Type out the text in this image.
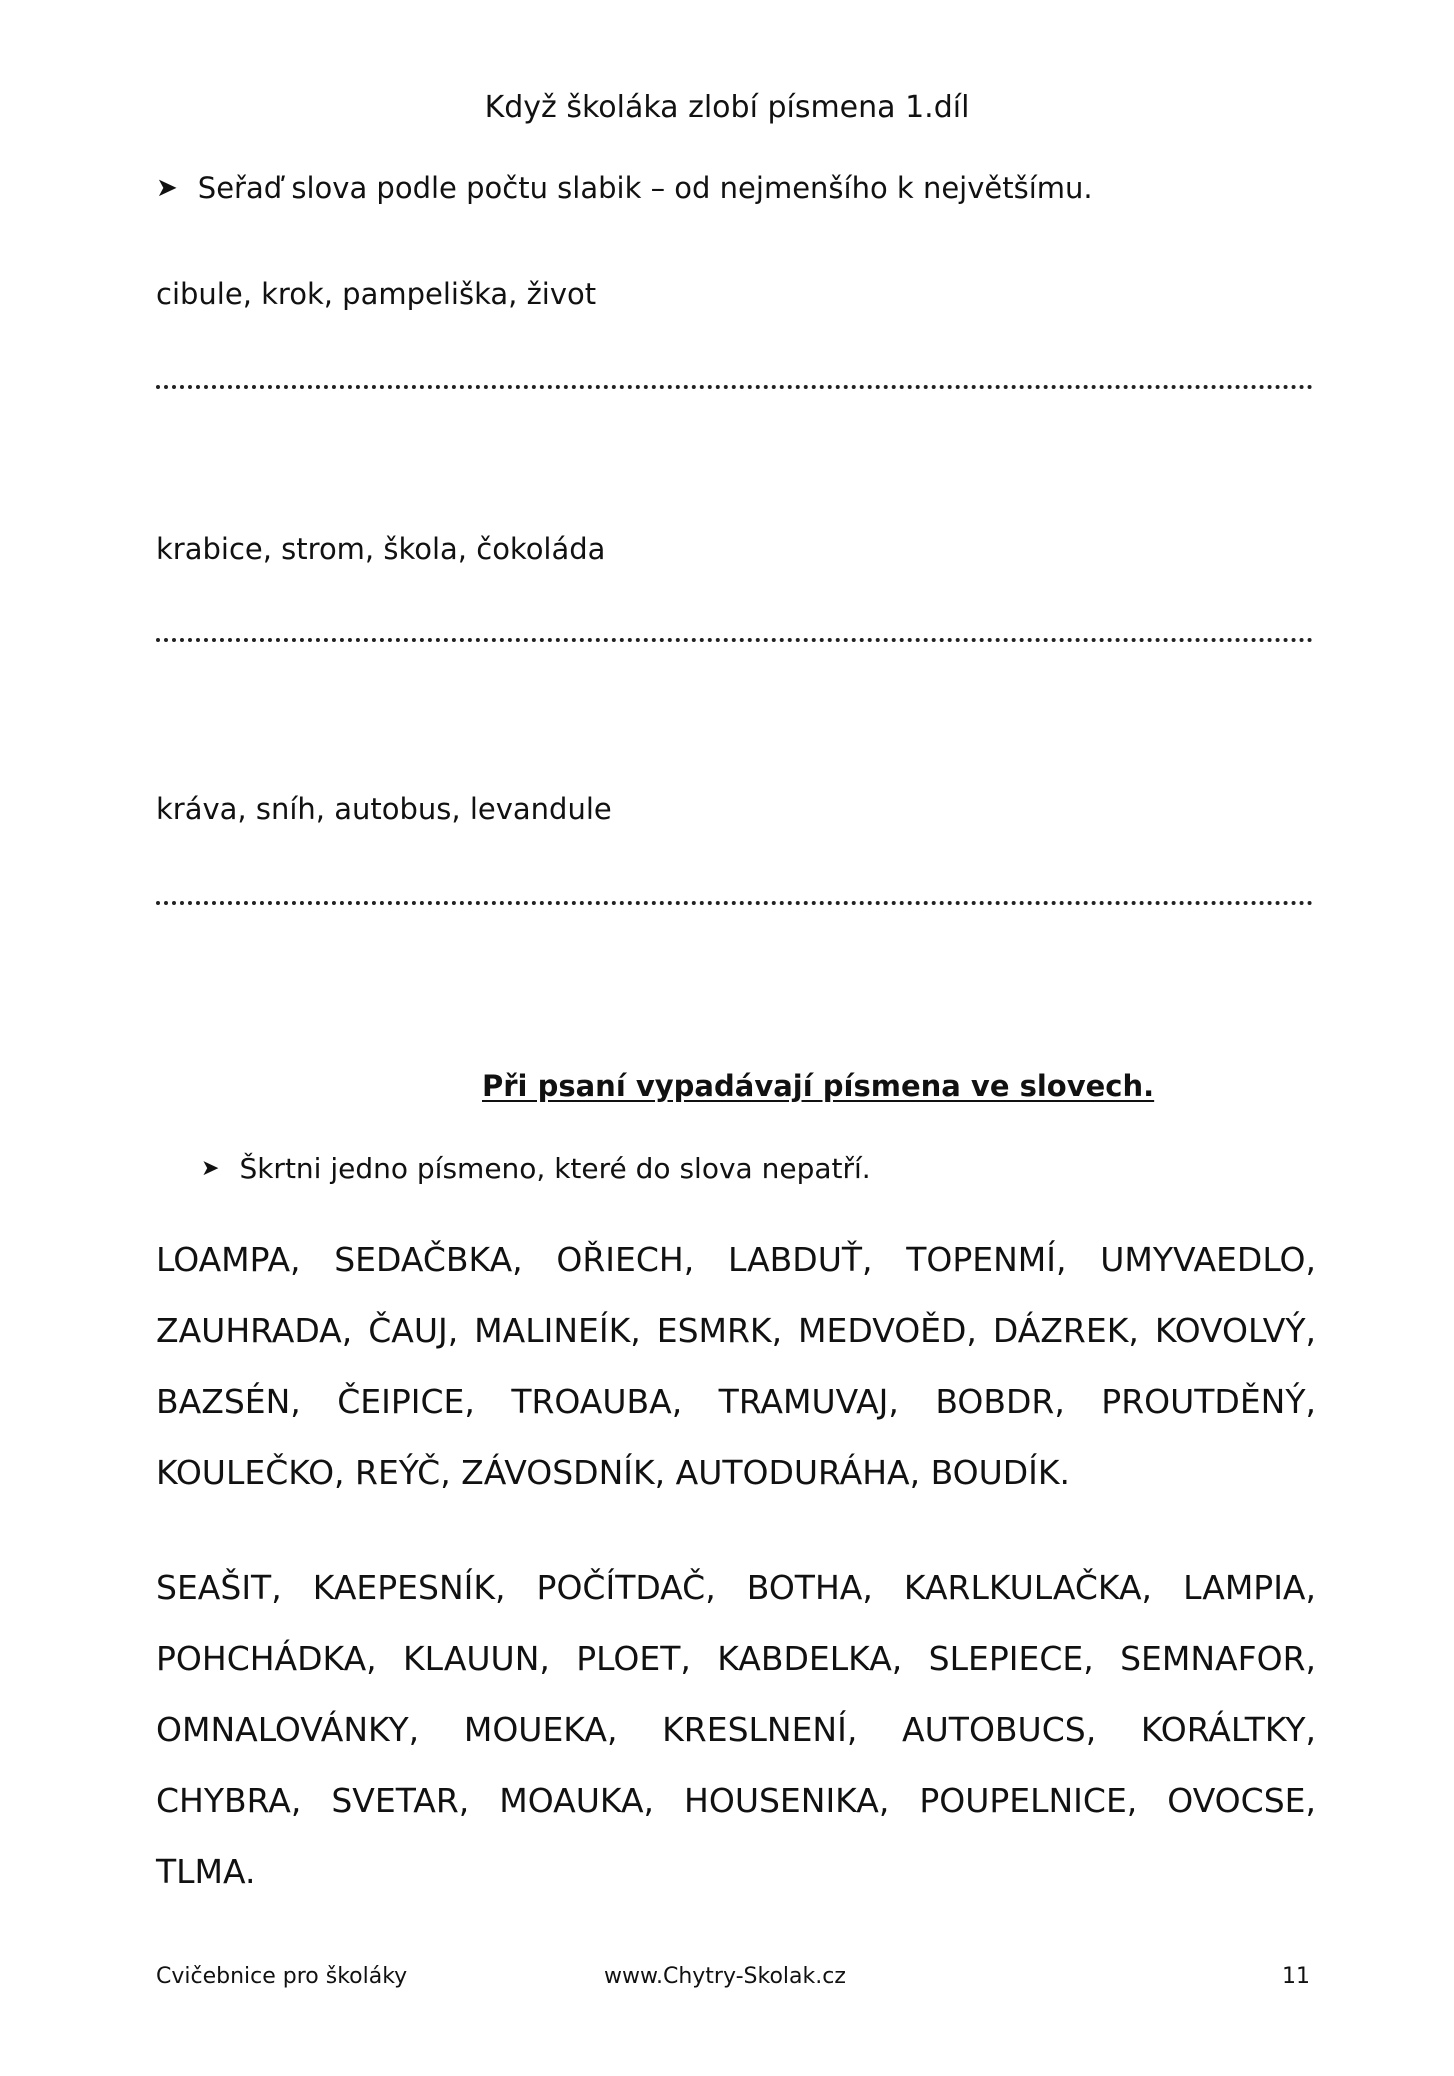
Když školáka zlobí písmena 1.díl
➤ Seřaď slova podle počtu slabik – od nejmenšího k největšímu.
cibule, krok, pampeliška, život
krabice, strom, škola, čokoláda
kráva, sníh, autobus, levandule
Při psaní vypadávají písmena ve slovech.
➤ Škrtni jedno písmeno, které do slova nepatří.

LOAMPA, SEDAČBKA, OŘIECH, LABDUŤ, TOPENMÍ, UMYVAEDLO, ZAUHRADA, ČAUJ, MALINEÍK, ESMRK, MEDVOĚD, DÁZREK, KOVOLVÝ, BAZSÉN, ČEIPICE, TROAUBA, TRAMUVAJ, BOBDR, PROUTDĚNÝ, KOULEČKO, REÝČ, ZÁVOSDNÍK, AUTODURÁHA, BOUDÍK.

SEAŠIT, KAEPESNÍK, POČÍTDAČ, BOTHA, KARLKULAČKA, LAMPIA, POHCHÁDKA, KLAUUN, PLOET, KABDELKA, SLEPIECE, SEMNAFOR, OMNALOVÁNKY, MOUEKA, KRESLNENÍ, AUTOBUCS, KORÁLTKY, CHYBRA, SVETAR, MOAUKA, HOUSENIKA, POUPELNICE, OVOCSE, TLMA.

Cvičebnice pro školáky	www.Chytry-Skolak.cz	11
